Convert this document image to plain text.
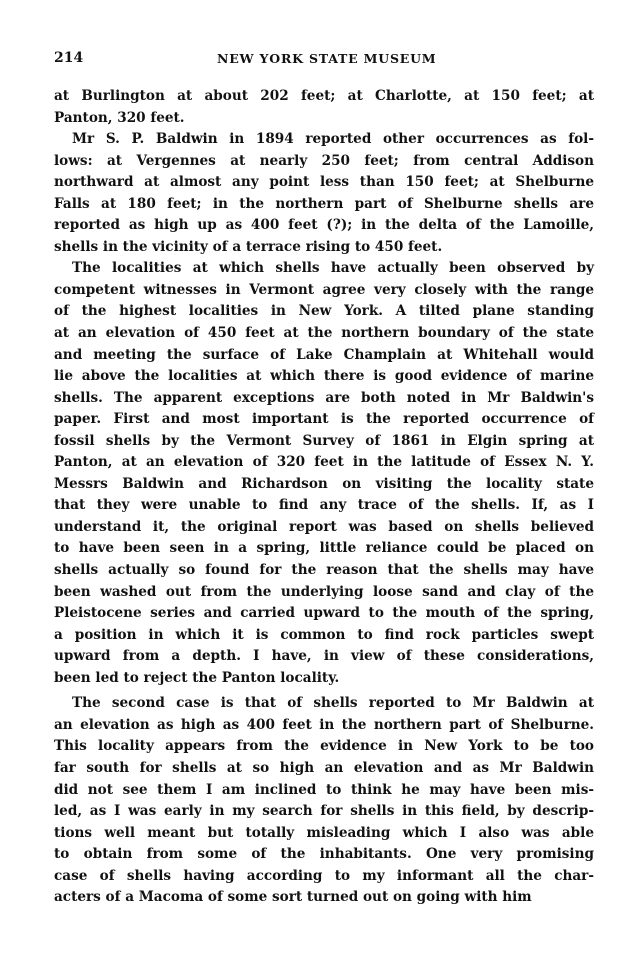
214	NEW YORK STATE MUSEUM
at Burlington at about 202 feet; at Charlotte, at 150 feet; at
Panton, 320 feet.
Mr S. P. Baldwin in 1894 reported other occurrences as fol-
lows: at Vergennes at nearly 250 feet; from central Addison
northward at almost any point less than 150 feet; at Shelburne
Falls at 180 feet; in the northern part of Shelburne shells are
reported as high up as 400 feet (?); in the delta of the Lamoille,
shells in the vicinity of a terrace rising to 450 feet.
The localities at which shells have actually been observed by
competent witnesses in Vermont agree very closely with the range
of the highest localities in New York. A tilted plane standing
at an elevation of 450 feet at the northern boundary of the state
and meeting the surface of Lake Champlain at Whitehall would
lie above the localities at which there is good evidence of marine
shells. The apparent exceptions are both noted in Mr Baldwin's
paper. First and most important is the reported occurrence of
fossil shells by the Vermont Survey of 1861 in Elgin spring at
Panton, at an elevation of 320 feet in the latitude of Essex N. Y.
Messrs Baldwin and Richardson on visiting the locality state
that they were unable to find any trace of the shells. If, as I
understand it, the original report was based on shells believed
to have been seen in a spring, little reliance could be placed on
shells actually so found for the reason that the shells may have
been washed out from the underlying loose sand and clay of the
Pleistocene series and carried upward to the mouth of the spring,
a position in which it is common to find rock particles swept
upward from a depth. I have, in view of these considerations,
been led to reject the Panton locality.
The second case is that of shells reported to Mr Baldwin at
an elevation as high as 400 feet in the northern part of Shelburne.
This locality appears from the evidence in New York to be too
far south for shells at so high an elevation and as Mr Baldwin
did not see them I am inclined to think he may have been mis-
led, as I was early in my search for shells in this field, by descrip-
tions well meant but totally misleading which I also was able
to obtain from some of the inhabitants. One very promising
case of shells having according to my informant all the char-
acters of a Macoma of some sort turned out on going with him
